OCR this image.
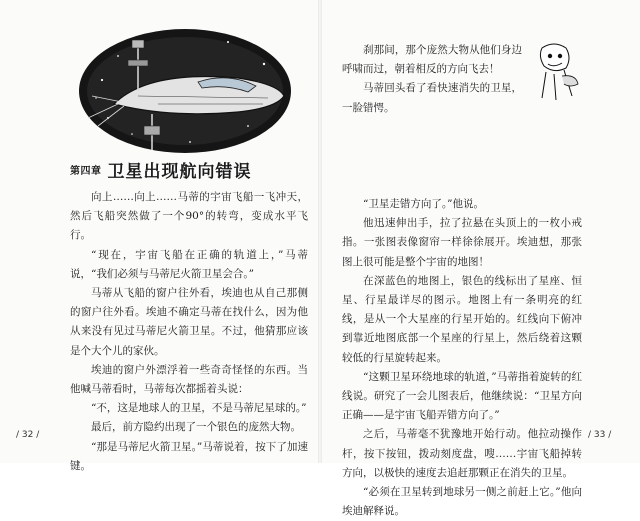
第四章 卫星出现航向错误

向上……向上……马蒂的宇宙飞船一飞冲天，然后飞船突然做了一个90°的转弯，变成水平飞行。

“现在，宇宙飞船在正确的轨道上，”马蒂说，“我们必须与马蒂尼火箭卫星会合。”

马蒂从飞船的窗户往外看，埃迪也从自己那侧的窗户往外看。埃迪不确定马蒂在找什么，因为他从来没有见过马蒂尼火箭卫星。不过，他猜那应该是个大个儿的家伙。

埃迪的窗户外漂浮着一些奇奇怪怪的东西。当他喊马蒂看时，马蒂每次都摇着头说：

“不，这是地球人的卫星，不是马蒂尼星球的。”

最后，前方隐约出现了一个银色的庞然大物。

“那是马蒂尼火箭卫星。”马蒂说着，按下了加速键。

/ 32 /

刹那间，那个庞然大物从他们身边呼啸而过，朝着相反的方向飞去！

马蒂回头看了看快速消失的卫星，一脸错愕。

“卫星走错方向了。”他说。

他迅速伸出手，拉了拉悬在头顶上的一枚小戒指。一张图表像窗帘一样徐徐展开。埃迪想，那张图上很可能是整个宇宙的地图！

在深蓝色的地图上，银色的线标出了星座、恒星、行星最详尽的图示。地图上有一条明亮的红线，是从一个大星座的行星开始的。红线向下俯冲到靠近地图底部一个星座的行星上，然后绕着这颗较低的行星旋转起来。

“这颗卫星环绕地球的轨道，”马蒂指着旋转的红线说。研究了一会儿图表后，他继续说：“卫星方向正确——是宇宙飞船弄错方向了。”

之后，马蒂毫不犹豫地开始行动。他拉动操作杆，按下按钮，拨动刻度盘，嗖……宇宙飞船掉转方向，以极快的速度去追赶那颗正在消失的卫星。

“必须在卫星转到地球另一侧之前赶上它。”他向埃迪解释说。

/ 33 /
